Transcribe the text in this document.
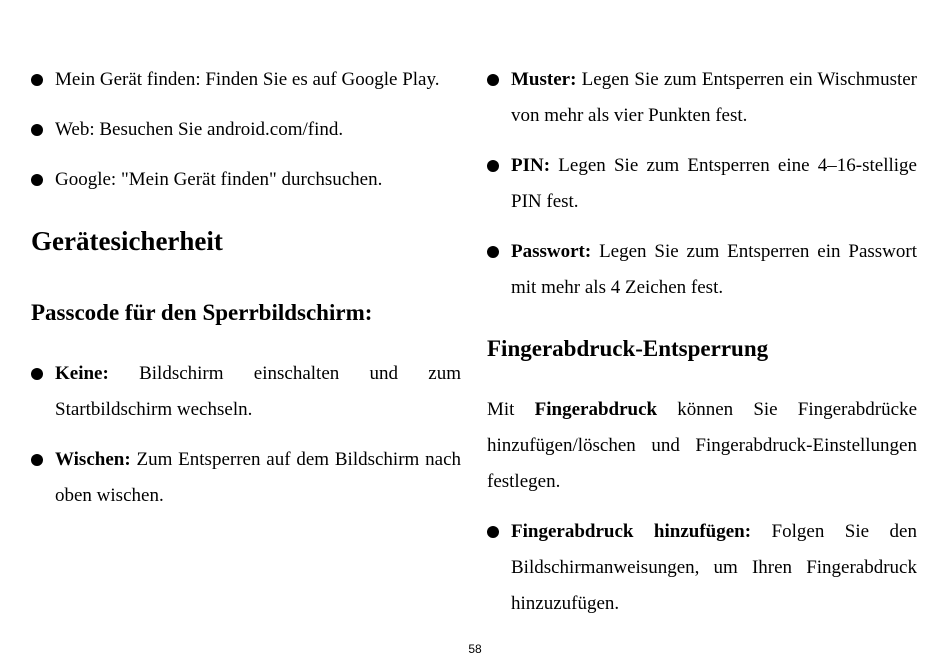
Mein Gerät finden: Finden Sie es auf Google Play.
Web: Besuchen Sie android.com/find.
Google: "Mein Gerät finden" durchsuchen.
Gerätesicherheit
Passcode für den Sperrbildschirm:
Keine: Bildschirm einschalten und zum Startbildschirm wechseln.
Wischen: Zum Entsperren auf dem Bildschirm nach oben wischen.
Muster: Legen Sie zum Entsperren ein Wischmuster von mehr als vier Punkten fest.
PIN: Legen Sie zum Entsperren eine 4–16-stellige PIN fest.
Passwort: Legen Sie zum Entsperren ein Passwort mit mehr als 4 Zeichen fest.
Fingerabdruck-Entsperrung
Mit Fingerabdruck können Sie Fingerabdrücke hinzufügen/löschen und Fingerabdruck-Einstellungen festlegen.
Fingerabdruck hinzufügen: Folgen Sie den Bildschirmanweisungen, um Ihren Fingerabdruck hinzuzufügen.
58
